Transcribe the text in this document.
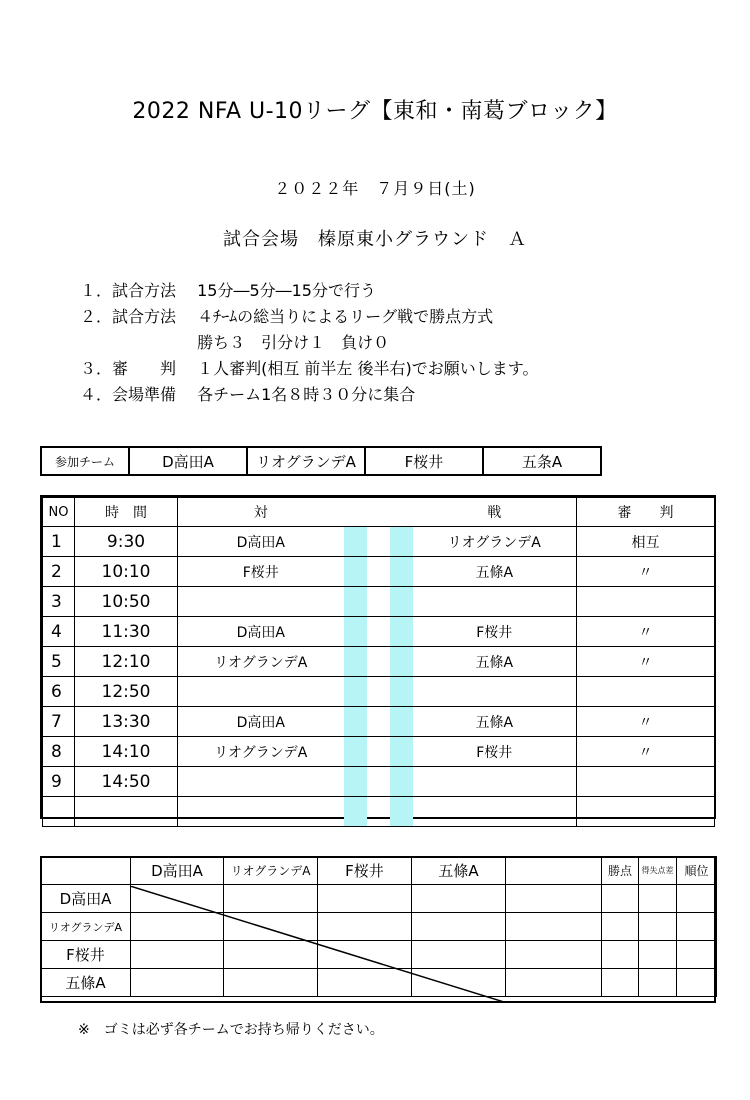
2022 NFA U-10リーグ【東和・南葛ブロック】
２０２２年　７月９日(土)
試合会場　榛原東小グラウンド　Ａ
１．試合方法　 15分―5分―15分で行う
２．試合方法　 ４ﾁｰﾑの総当りによるリーグ戦で勝点方式
　　　　　　　 勝ち３　引分け１　負け０
３．審　　判　 １人審判(相互 前半左 後半右)でお願いします。
４．会場準備　 各チーム1名８時３０分に集合
参加チーム	D高田A	リオグランデA	F桜井	五条A
NO	時　間	対				戦	審　　判
1	9:30	D高田A				リオグランデA	相互
2	10:10	F桜井				五條A	〃
3	10:50						
4	11:30	D高田A				F桜井	〃
5	12:10	リオグランデA				五條A	〃
6	12:50						
7	13:30	D高田A				五條A	〃
8	14:10	リオグランデA				F桜井	〃
9	14:50						

	D高田A	リオグランデA	F桜井	五條A		勝点	得失点差	順位
D高田A								
リオグランデA								
F桜井								
五條A								
※　ゴミは必ず各チームでお持ち帰りください。
